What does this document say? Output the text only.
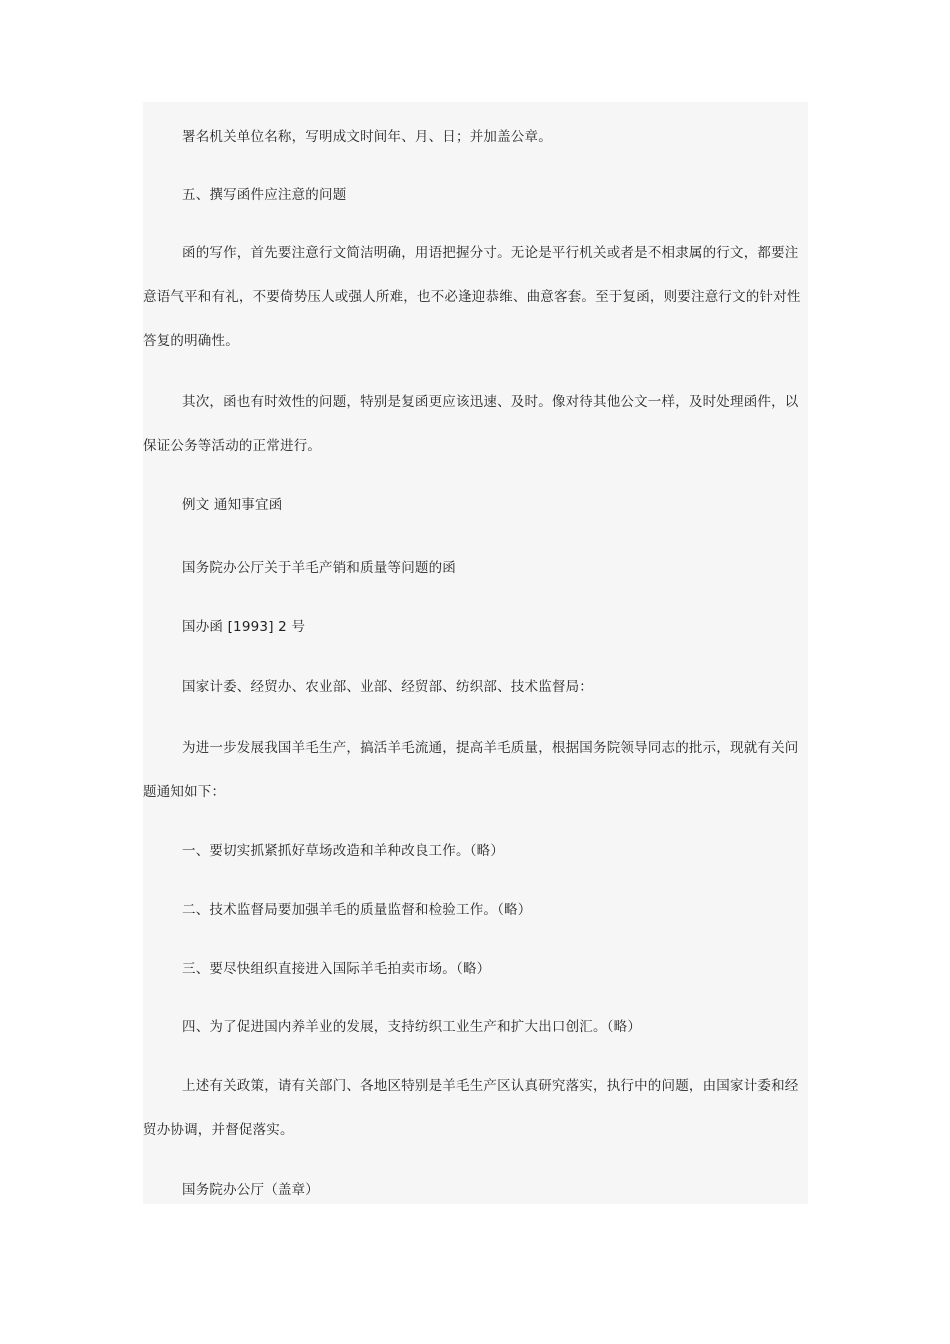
署名机关单位名称，写明成文时间年、月、日；并加盖公章。

五、撰写函件应注意的问题

函的写作，首先要注意行文简洁明确，用语把握分寸。无论是平行机关或者是不相隶属的行文，都要注意语气平和有礼，不要倚势压人或强人所难，也不必逢迎恭维、曲意客套。至于复函，则要注意行文的针对性答复的明确性。

其次，函也有时效性的问题，特别是复函更应该迅速、及时。像对待其他公文一样，及时处理函件，以保证公务等活动的正常进行。

例文 通知事宜函

国务院办公厅关于羊毛产销和质量等问题的函

国办函 [1993] 2 号

国家计委、经贸办、农业部、业部、经贸部、纺织部、技术监督局：

为进一步发展我国羊毛生产，搞活羊毛流通，提高羊毛质量，根据国务院领导同志的批示，现就有关问题通知如下：

一、要切实抓紧抓好草场改造和羊种改良工作。（略）

二、技术监督局要加强羊毛的质量监督和检验工作。（略）

三、要尽快组织直接进入国际羊毛拍卖市场。（略）

四、为了促进国内养羊业的发展，支持纺织工业生产和扩大出口创汇。（略）

上述有关政策，请有关部门、各地区特别是羊毛生产区认真研究落实，执行中的问题，由国家计委和经贸办协调，并督促落实。

国务院办公厅（盖章）
